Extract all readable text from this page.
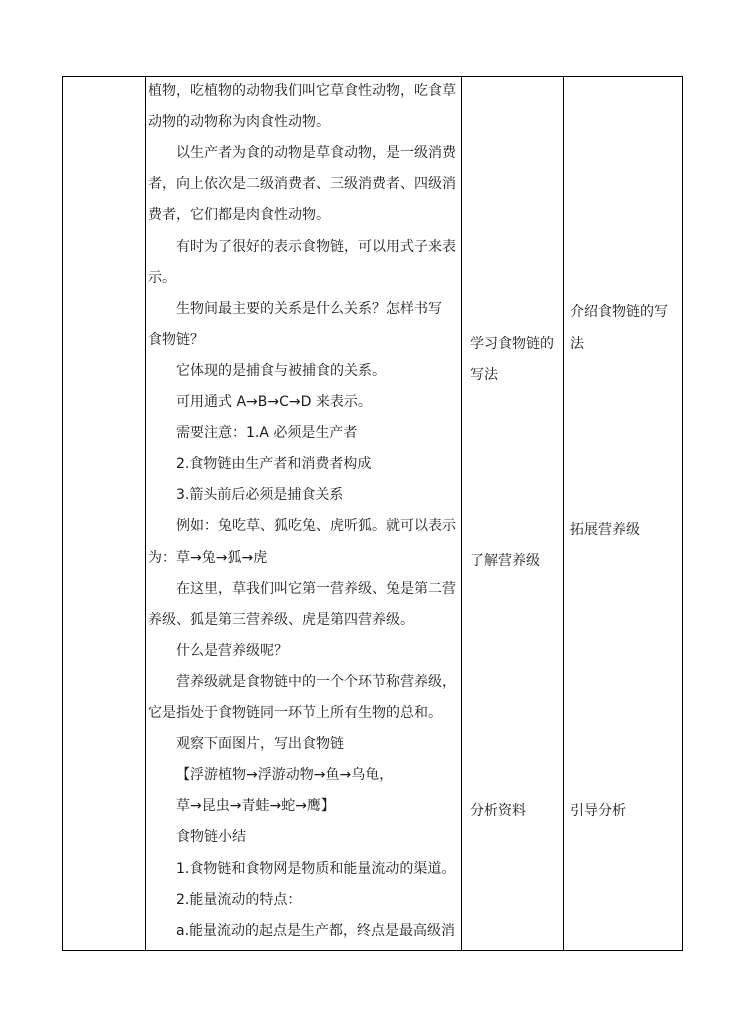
植物，吃植物的动物我们叫它草食性动物，吃食草
动物的动物称为肉食性动物。
以生产者为食的动物是草食动物，是一级消费
者，向上依次是二级消费者、三级消费者、四级消
费者，它们都是肉食性动物。
有时为了很好的表示食物链，可以用式子来表
示。
生物间最主要的关系是什么关系？怎样书写
食物链？
它体现的是捕食与被捕食的关系。
可用通式 A→B→C→D 来表示。
需要注意：1.A 必须是生产者
2.食物链由生产者和消费者构成
3.箭头前后必须是捕食关系
例如：兔吃草、狐吃兔、虎听狐。就可以表示
为：草→兔→狐→虎
在这里，草我们叫它第一营养级、兔是第二营
养级、狐是第三营养级、虎是第四营养级。
什么是营养级呢？
营养级就是食物链中的一个个环节称营养级，
它是指处于食物链同一环节上所有生物的总和。
观察下面图片，写出食物链
【浮游植物→浮游动物→鱼→乌龟，
草→昆虫→青蛙→蛇→鹰】
食物链小结
1.食物链和食物网是物质和能量流动的渠道。
2.能量流动的特点：
a.能量流动的起点是生产都，终点是最高级消
学习食物链的
写法
了解营养级
分析资料
介绍食物链的写
法
拓展营养级
引导分析
